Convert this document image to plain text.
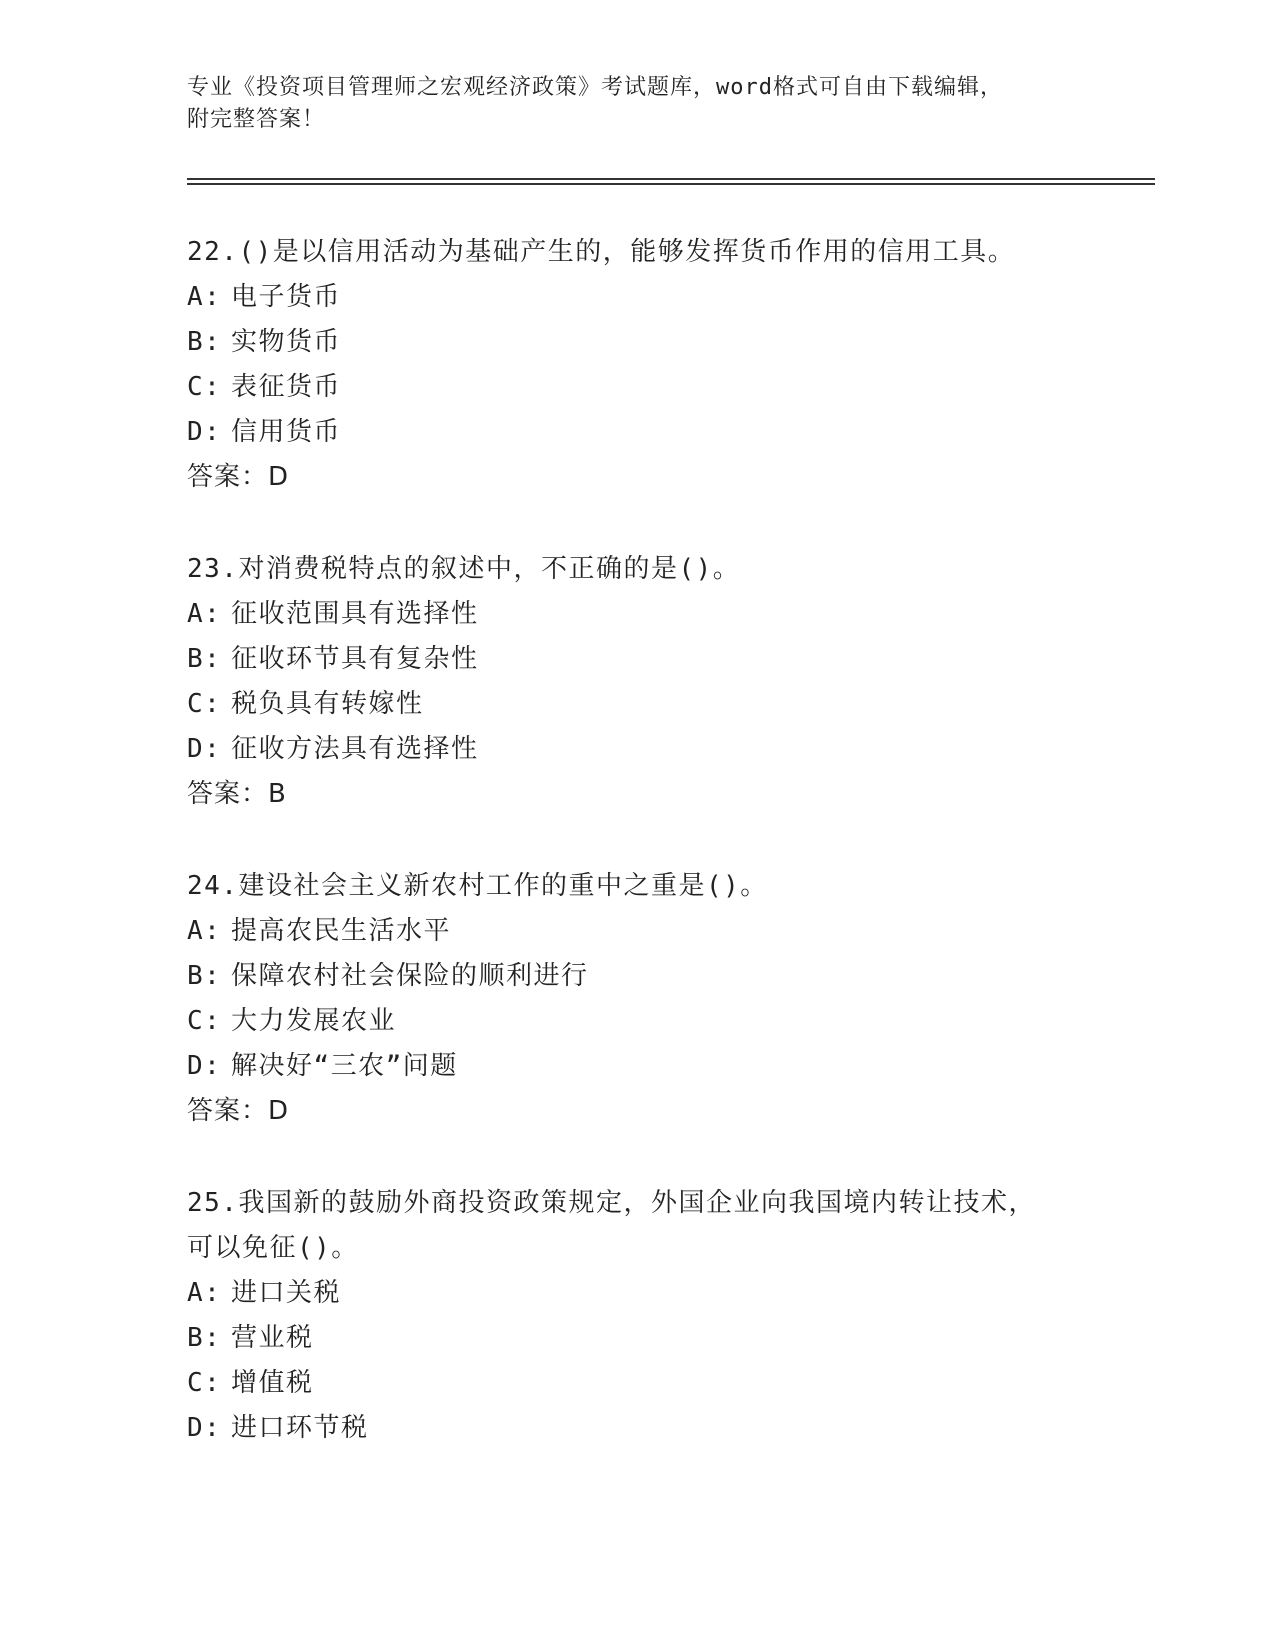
专业《投资项目管理师之宏观经济政策》考试题库，word格式可自由下载编辑，
附完整答案！

22.()是以信用活动为基础产生的，能够发挥货币作用的信用工具。

A: 电子货币

B: 实物货币

C: 表征货币

D: 信用货币

答案：D

23.对消费税特点的叙述中，不正确的是()。

A: 征收范围具有选择性

B: 征收环节具有复杂性

C: 税负具有转嫁性

D: 征收方法具有选择性

答案：B

24.建设社会主义新农村工作的重中之重是()。

A: 提高农民生活水平

B: 保障农村社会保险的顺利进行

C: 大力发展农业

D: 解决好“三农”问题

答案：D

25.我国新的鼓励外商投资政策规定，外国企业向我国境内转让技术，

可以免征()。

A: 进口关税

B: 营业税

C: 增值税

D: 进口环节税
